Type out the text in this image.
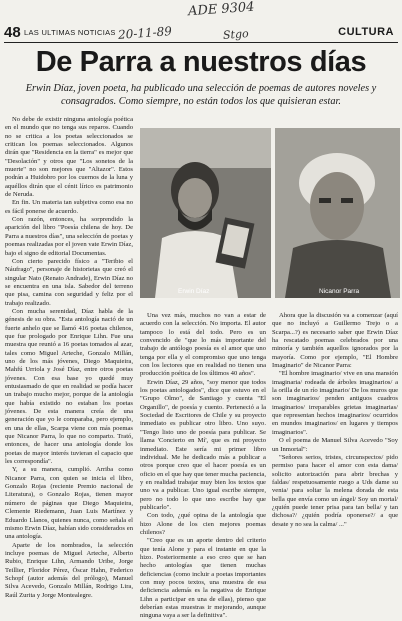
ADE 9304
20-11-89	Stgo
48 LAS ULTIMAS NOTICIAS	CULTURA
De Parra a nuestros días
Erwin Díaz, joven poeta, ha publicado una selección de poemas de autores noveles y consagrados. Como siempre, no están todos los que quisieran estar.
Erwin Díaz	Nicanor Parra

No debe de existir ninguna antología poética en el mundo que no tenga sus reparos. Cuando no se critica a los poetas seleccionados se critican los poemas seleccionados. Algunos dirán que "Residencia en la tierra" es mejor que "Desolación" y otros que "Los sonetos de la muerte" no son mejores que "Altazor". Estos podrán a Huidobro por los cuernos de la luna y aquéllos dirán que el cénit lírico es patrimonio de Neruda.

En fin. Un materia tan subjetiva como esa no es fácil ponerse de acuerdo.

Con razón, entonces, ha sorprendido la aparición del libro "Poesía chilena de hoy. De Parra a nuestros días", una selección de poetas y poemas realizadas por el joven vate Erwin Díaz, bajo el signo de editorial Documentas.

Con cierto parecido físico a "Teribio el Náufrago", personaje de historietas que creó el singular Nato (Renato Andrade), Erwin Díaz no se encuentra en una isla. Sabedor del terreno que pisa, camina con seguridad y feliz por el trabajo realizado.

Con mucha serenidad, Díaz habla de la génesis de su obra. "Esta antología nació de un fuerte anhelo que se llamó 416 poetas chilenos, que fue prologado por Enrique Lihn. Fue una muestra que reunió a 16 poetas tomados al azar, tales como Miguel Arteche, Gonzalo Millán, uno de los más jóvenes, Diego Maquieira, Mahfú Urriola y José Díaz, entre otros poetas jóvenes. Con esa base yo quedé muy entusiasmado de que en realidad se podía hacer un trabajo mucho mejor, porque de la antología que había existido no estaban los poetas jóvenes. De esta manera creía de una generación que yo le comparaba, pero ejemplo, en una de ellas, Scarpa viene con más poemas que Nicanor Parra, lo que no comparto. Trató, entonces, de hacer una antología donde los poetas de mayor interés tuvieran el capacio que les correspondía".

Y, a su manera, cumplió. Arriba como Nicanor Parra, con quien se inicia el libro, Gonzalo Rojas (reciente Premio nacional de Literatura), o Gonzalo Rojas, tienen mayor número de páginas que Diego Maquieira, Clemente Riedemann, Juan Luis Martínez y Eduardo Llanos, quienes nunca, como señala el mismo Erwin Díaz, habían sido considerados en una antología.

Aparte de los nombrados, la selección incluye poemas de Miguel Arteche, Alberto Rubio, Enrique Lihn, Armando Uribe, Jorge Teillier, Floridor Pérez, Óscar Hahn, Federico Schopf (autor además del prólogo), Manuel Silva Acevedo, Gonzalo Millán, Rodrigo Lira, Raúl Zurita y Jorge Montealegre.

Una vez más, muchos no van a estar de acuerdo con la selección. No importa. El autor tampoco lo está del todo. Pero es un convencido de "que lo más importante del trabajo de antólogo poesía es el amor que uno tenga por ella y el compromiso que uno tenga con los lectores que en realidad no tienen una producción poética de los últimos 40 años".

Erwin Díaz, 29 años, "soy menor que todos los poetas antologados", dice que estuvo en el "Grupo Olmo", de Santiago y cuenta "El Organillo", de poesía y cuento. Perteneció a la Sociedad de Escritores de Chile y su proyecto inmediato es publicar otro libro. Uno suyo. "Tengo listo uno de poesía para publicar. Se llama 'Concierto en Mí', que es mi proyecto inmediato. Este sería mi primer libro individual. Me he dedicado más a publicar a otros porque creo que el hacer poesía es un oficio en el que hay que tener mucha paciencia, y en realidad trabajar muy bien los textos que uno va a publicar. Uno igual escribe siempre, pero no todo lo que uno escribe hay que publicarlo".

Con todo, ¿qué opina de la antología que hizo Alone de los cien mejores poemas chilenos?

"Creo que es un aporte dentro del criterio que tenía Alone y para el instante en que la hizo. Posteriormente a eso creo que se han hecho antologías que tienen muchas deficiencias (como incluir a poetas importantes con muy pocos textos, una muestra de esa deficiencia además es la negativa de Enrique Lihn a participar en una de ellas), pienso que deberían estas muestras ir mejorando, aunque ninguna vaya a ser la definitiva".

Ahora que la discusión va a comenzar (aquí que no incluyó a Guillermo Trejo o a Scarpa...?) es necesario saber que Erwin Díaz ha rescatado poemas celebrados por una minoría y también aquellos ignorados por la mayoría. Como por ejemplo, "El Hombre Imaginario" de Nicanor Parra:

"El hombre imaginario/ vive en una mansión imaginaria/ rodeada de árboles imaginarios/ a la orilla de un río imaginario/ De los muros que son imaginarios/ penden antiguos cuadros imaginarios/ irreparables grietas imaginarias/ que representan hechos imaginarios/ ocurridos en mundos imaginarios/ en lugares y tiempos imaginarios".

O el poema de Manuel Silva Acevedo "Soy un Inmortal":

"Señores serios, tristes, circunspectos/ pido permiso para hacer el amor con esta dama/ solicito autorización para abrir brechas y faldas/ respetuosamente ruego a Uds dame su venia/ para soltar la melena dorada de esta bella que envía como un ángel/ Soy un mortal/ ¿quién puede tener prisa para tan bella/ y tan dichosa?/ ¿quién podría oponerse?/ a que desate y no sea la calma/ ..."
